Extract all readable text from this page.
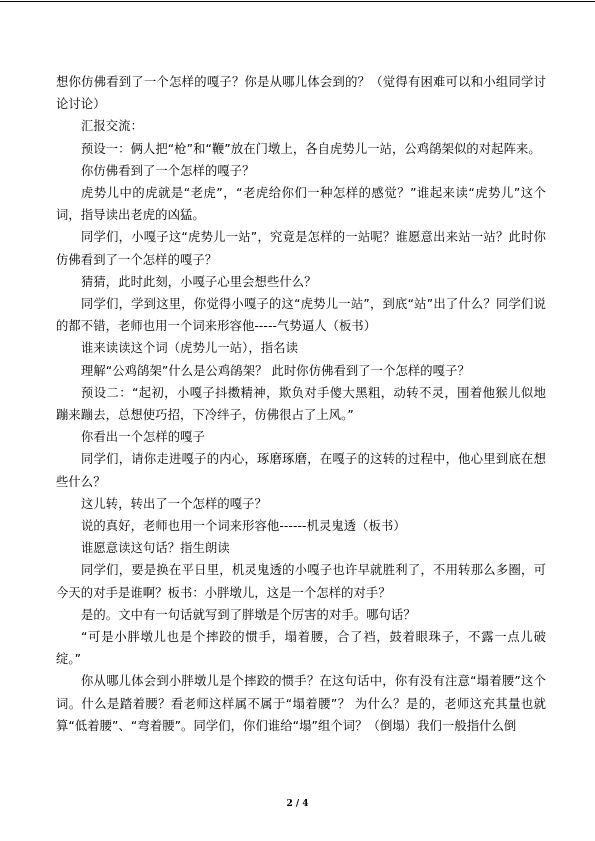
想你仿佛看到了一个怎样的嘎子？你是从哪儿体会到的？（觉得有困难可以和小组同学讨论讨论）

汇报交流：

预设一：俩人把“枪”和“鞭”放在门墩上，各自虎势儿一站，公鸡鹐架似的对起阵来。

你仿佛看到了一个怎样的嘎子？

虎势儿中的虎就是“老虎”，“老虎给你们一种怎样的感觉？”谁起来读“虎势儿”这个词，指导读出老虎的凶猛。

同学们，小嘎子这“虎势儿一站”，究竟是怎样的一站呢？谁愿意出来站一站？此时你仿佛看到了一个怎样的嘎子？

猜猜，此时此刻，小嘎子心里会想些什么？

同学们，学到这里，你觉得小嘎子的这“虎势儿一站”，到底“站”出了什么？同学们说的都不错，老师也用一个词来形容他-----气势逼人（板书）

谁来读读这个词（虎势儿一站），指名读

理解“公鸡鹐架”什么是公鸡鹐架？ 此时你仿佛看到了一个怎样的嘎子？

预设二：“起初，小嘎子抖擞精神，欺负对手傻大黑粗，动转不灵，围着他猴儿似地蹦来蹦去，总想使巧招，下冷绊子，仿佛很占了上风。”

你看出一个怎样的嘎子

同学们，请你走进嘎子的内心，琢磨琢磨，在嘎子的这转的过程中，他心里到底在想些什么？

这儿转，转出了一个怎样的嘎子？

说的真好，老师也用一个词来形容他------机灵鬼透（板书）

谁愿意读这句话？指生朗读

同学们，要是换在平日里，机灵鬼透的小嘎子也许早就胜利了，不用转那么多圈，可今天的对手是谁啊？板书：小胖墩儿，这是一个怎样的对手？

是的。文中有一句话就写到了胖墩是个厉害的对手。哪句话？

“可是小胖墩儿也是个摔跤的惯手，塌着腰，合了裆，鼓着眼珠子，不露一点儿破绽。”

你从哪儿体会到小胖墩儿是个摔跤的惯手？在这句话中，你有没有注意“塌着腰”这个词。什么是踏着腰？看老师这样属不属于“塌着腰”？ 为什么？是的，老师这充其量也就算“低着腰”、“弯着腰”。同学们，你们谁给“塌”组个词？（倒塌）我们一般指什么倒

2 / 4
